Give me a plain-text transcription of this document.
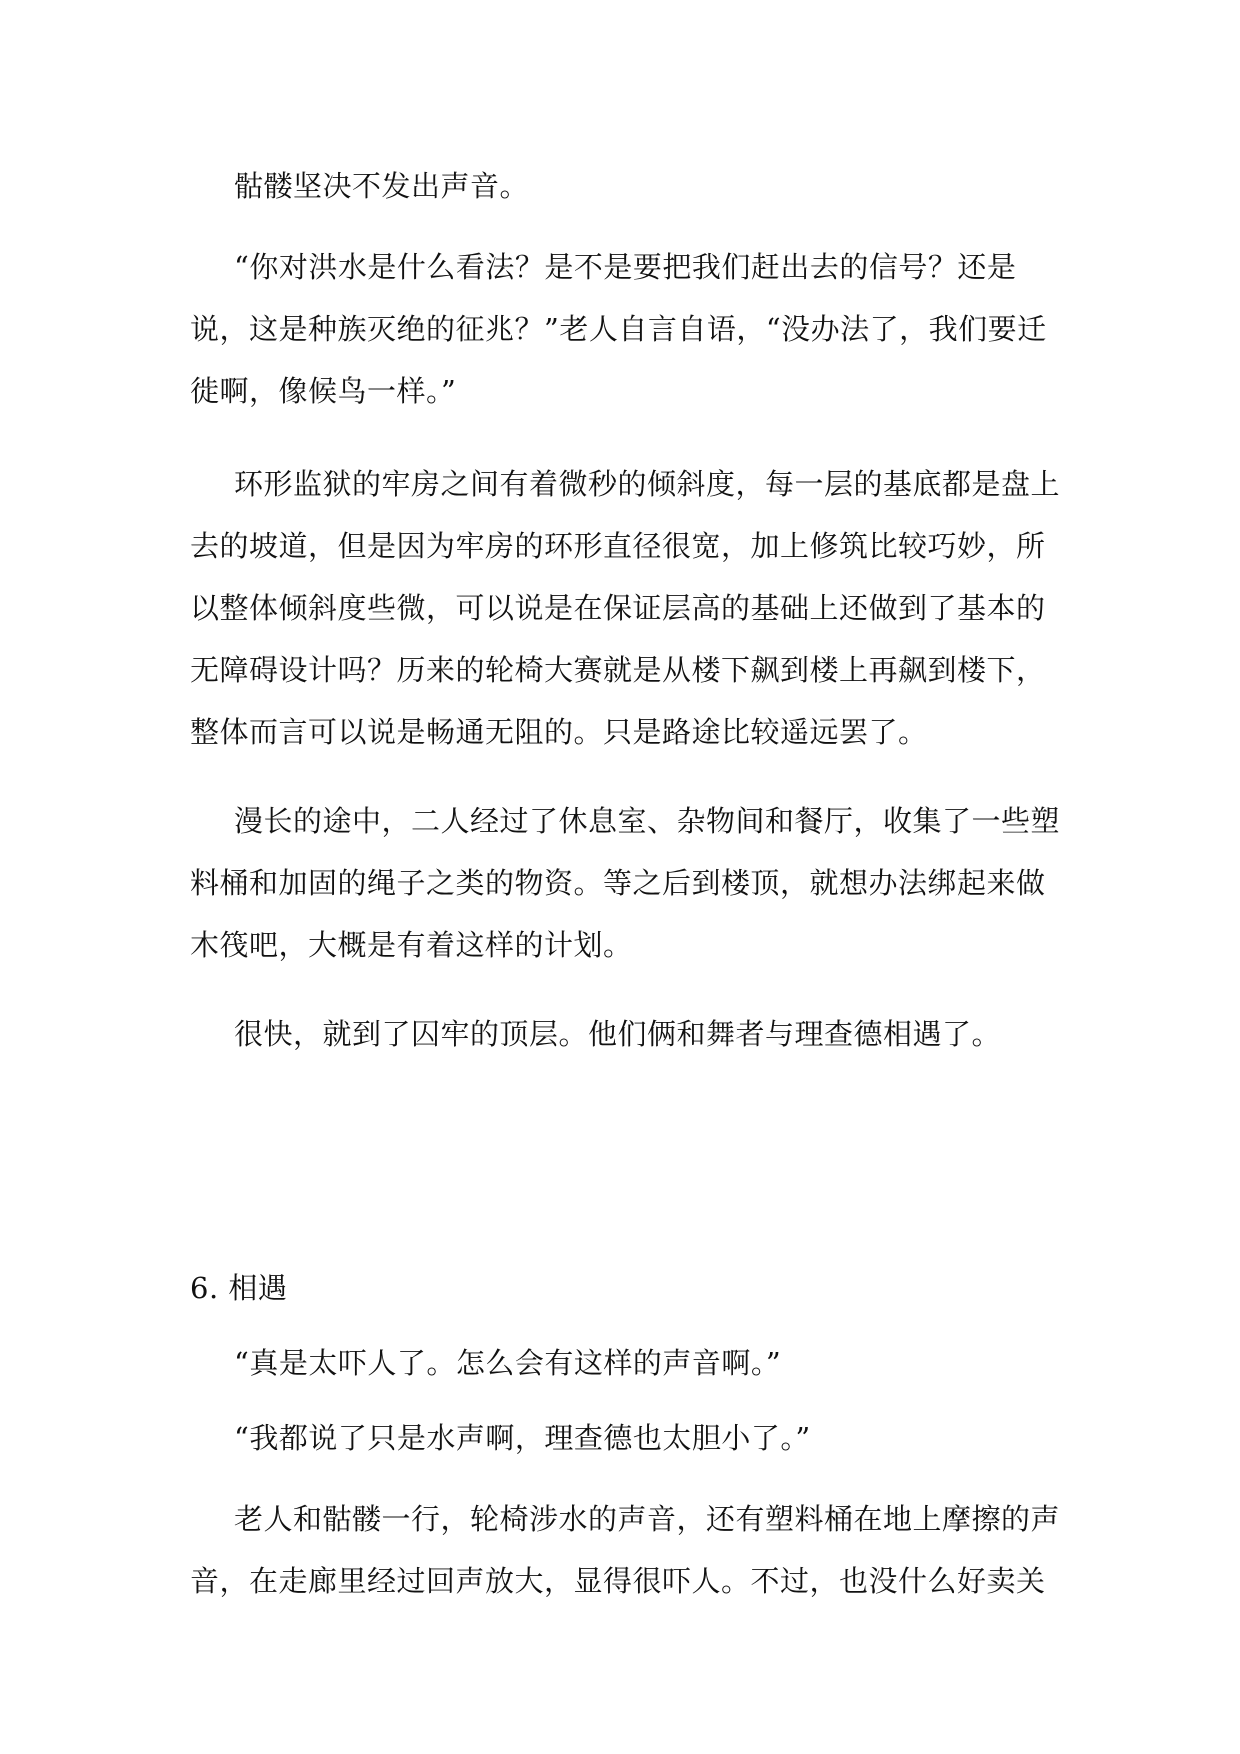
骷髅坚决不发出声音。

“你对洪水是什么看法？是不是要把我们赶出去的信号？还是说，这是种族灭绝的征兆？”老人自言自语，“没办法了，我们要迁徙啊，像候鸟一样。”

环形监狱的牢房之间有着微秒的倾斜度，每一层的基底都是盘上去的坡道，但是因为牢房的环形直径很宽，加上修筑比较巧妙，所以整体倾斜度些微，可以说是在保证层高的基础上还做到了基本的无障碍设计吗？历来的轮椅大赛就是从楼下飙到楼上再飙到楼下，整体而言可以说是畅通无阻的。只是路途比较遥远罢了。

漫长的途中，二人经过了休息室、杂物间和餐厅，收集了一些塑料桶和加固的绳子之类的物资。等之后到楼顶，就想办法绑起来做木筏吧，大概是有着这样的计划。

很快，就到了囚牢的顶层。他们俩和舞者与理查德相遇了。

6. 相遇

“真是太吓人了。怎么会有这样的声音啊。”

“我都说了只是水声啊，理查德也太胆小了。”

老人和骷髅一行，轮椅涉水的声音，还有塑料桶在地上摩擦的声音，在走廊里经过回声放大，显得很吓人。不过，也没什么好卖关
